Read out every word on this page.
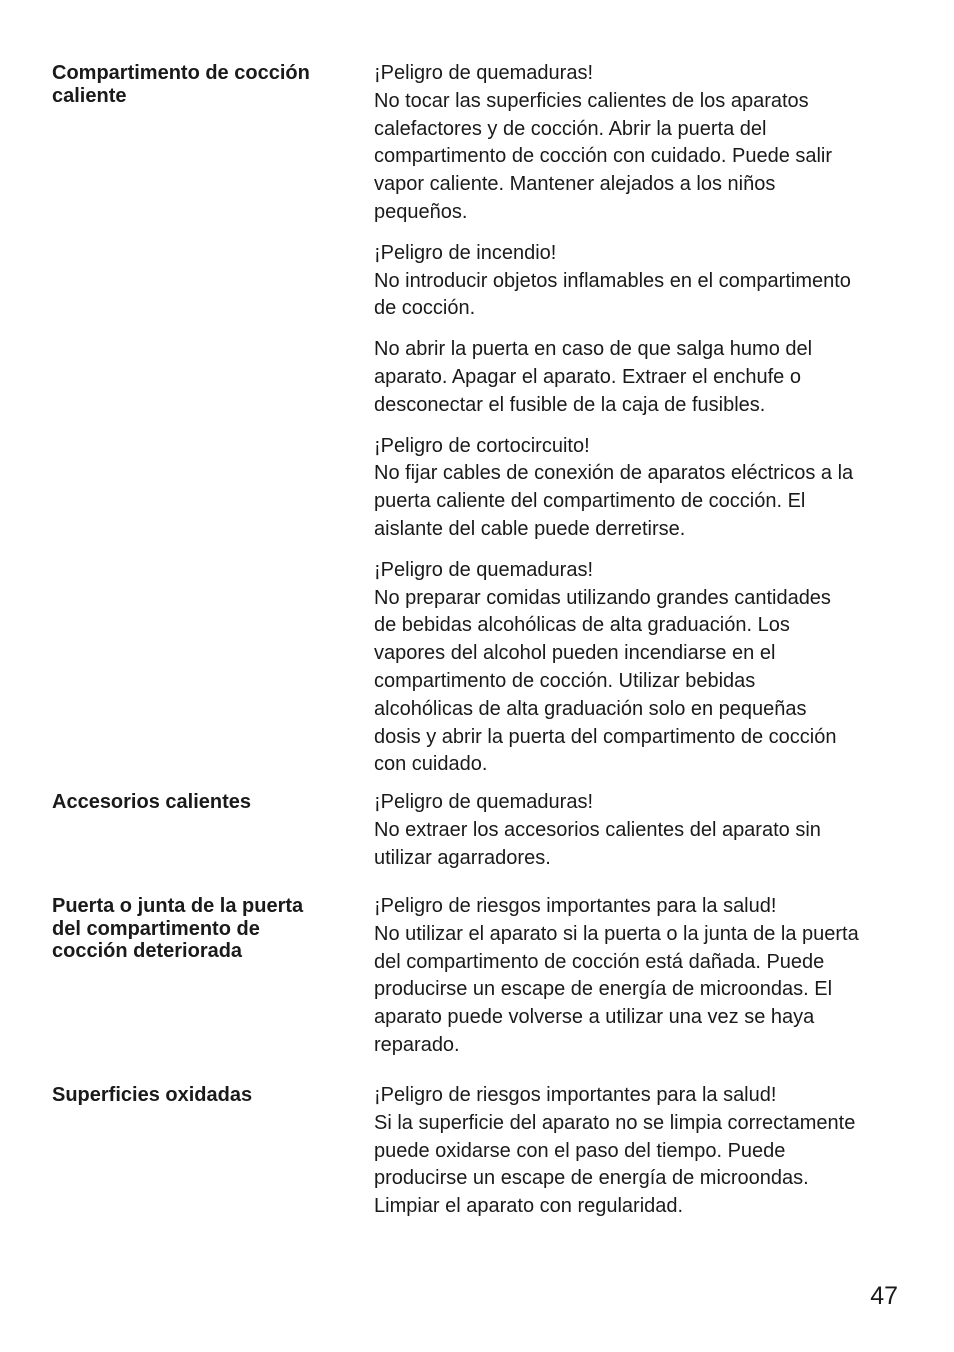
Compartimento de cocción
caliente
¡Peligro de quemaduras!
No tocar las superficies calientes de los aparatos
calefactores y de cocción. Abrir la puerta del
compartimento de cocción con cuidado. Puede salir
vapor caliente. Mantener alejados a los niños
pequeños.
¡Peligro de incendio!
No introducir objetos inflamables en el compartimento
de cocción.
No abrir la puerta en caso de que salga humo del
aparato. Apagar el aparato. Extraer el enchufe o
desconectar el fusible de la caja de fusibles.
¡Peligro de cortocircuito!
No fijar cables de conexión de aparatos eléctricos a la
puerta caliente del compartimento de cocción. El
aislante del cable puede derretirse.
¡Peligro de quemaduras!
No preparar comidas utilizando grandes cantidades
de bebidas alcohólicas de alta graduación. Los
vapores del alcohol pueden incendiarse en el
compartimento de cocción. Utilizar bebidas
alcohólicas de alta graduación solo en pequeñas
dosis y abrir la puerta del compartimento de cocción
con cuidado.
Accesorios calientes	¡Peligro de quemaduras!
No extraer los accesorios calientes del aparato sin
utilizar agarradores.
Puerta o junta de la puerta
del compartimento de
cocción deteriorada
¡Peligro de riesgos importantes para la salud!
No utilizar el aparato si la puerta o la junta de la puerta
del compartimento de cocción está dañada. Puede
producirse un escape de energía de microondas. El
aparato puede volverse a utilizar una vez se haya
reparado.
Superficies oxidadas	¡Peligro de riesgos importantes para la salud!
Si la superficie del aparato no se limpia correctamente
puede oxidarse con el paso del tiempo. Puede
producirse un escape de energía de microondas.
Limpiar el aparato con regularidad.
47
